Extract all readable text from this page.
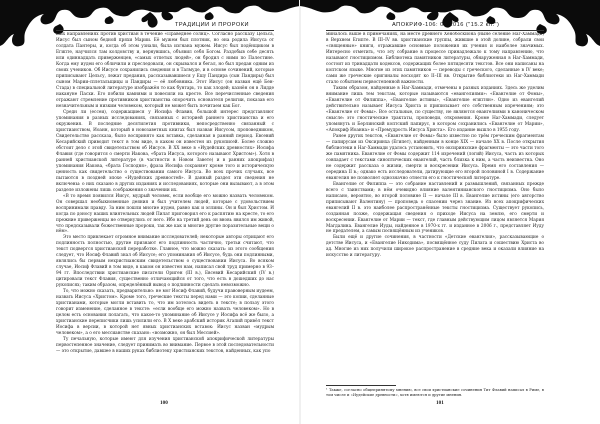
ТРАДИЦИИ И ПРОРОКИ

ших направлениях против христиан в течение «Праведнее солнц». Согласно рассказу Цельса, Иисус был сыном бедной пряхи Марии. Её мужем был плотник, но она родила Иисуса от солдата Пантеры, и, когда об этом узнали, была изгнана мужем. Иисус был подёнщиком в Египте, научился там колдовству и, вернувшись, объявил себя Богом. Раздобыв себе десять или одиннадцать приверженцев, «самых отпетых людей», он бродил с ними по Палестине. Когда ему иудеи его обличили и преследовали, он скрывался и бегал, но был предан одним из своих учеников. Об Иисусе сохранились сведения и в Талмуде, и в основе сочинений, которые приписывают Цельсу, лежат предания, рассказывавшиеся у Ешу Пандира (сын Пандиры) был сыном Марии-сплетальщицы и Пандиры — её любовника. Этот Иисус (он назван ещё Бен-Стада) в специальной литературе изображён то как бунтарь, то как злодей; казнён он в Лидде накануне Пасхи. Его побили камнями и повесили на кресте. Все перечисленные сведения отражают стремление противников христианства опорочить основателя религии, показав его незначительным и низким человеком, который не может быть почитаем как Бог.

Средн ли (ессеи), содержащиеся у Иосифа Флавия, большой интерес представляют упоминания в разных исследованиях, связанных с историей раннего христианства и его окружения. В последние десятилетия противники, непосредственно связанный с христианством, Иоанн, который в новозаветных книгах был назван Иисусом, проповедником, Свидетельство рассказа, было воспринято как вставка, сделанная в ранний период. Евсевий Кесарийский приводит текст в том виде, в каком он известен из рукописей. Более сложно обстоит дело с этой свидетельством об Иисусе. В XX веке в «Иудейских древностях» Иосифа Флавия (где говорится о смерти Иакова, «брата Иисуса, которого называют Христом»). Хотя в ранней христианской литературе (в частности в Новом Завете) и в ранних апокрифах) упоминания Иакова, «брата Господня», фраза Иосифа сохраняет кроме того и историческую ценность как свидетельство о существовании самого Иисуса. Во всех прочих случаях, все пытаются в поздней эпохе «Иудейских древностей». В данный раздел эти сведения не включены: о них сказано в других изданиях и исследованиях, которые они вызывают, а в этом разделе изложены лишь соображения о значении их.

«В то время появился Иисус, мудрый человек, если вообще его можно назвать человеком. Он совершал необыкновенные деяния и был учителем людей, которые с удовольствием воспринимали правду. За ним пошли многие иудеи, равно как и эллины. Он и был Христом. И когда по доносу наших влиятельных людей Пилат приговорил его к распятию на кресте, то его прежние приверженцы не отвернулись от него. Ибо на третий день он вновь явился им живой, что предсказывали божественные пророки, так же как и многие другие поразительные вещи о нём».

Это место привлекает огромное внимание исследователей; некоторые авторы отрицают его подлинность полностью, другие признают его подлинность частично, третьи считают, что текст подвергся христианской переработке. Главное, что можно сказать: из этого сообщения следует, что Иосиф Флавий знал об Иисусе; его упоминания об Иисусе, будь они подлинными, являлись бы первым нехристианским свидетельством о существовании Иисуса. Во всяком случае, Иосиф Флавий в том виде, в каком он известен нам, написал свой труд примерно в 93–94 гг. Впоследствии христианские писатели Ориген (III в.), Евсевий Кесарийский (IV в.) цитировали текст Флавия, существенно отличающийся от того, что есть в дошедших до нас рукописях; таким образом, определённый вывод о подлинности сделать невозможно.

То, что можно сказать, предварительно: не мог Иосиф Флавий, будучи правоверным иудеем, назвать Иисуса «Христом». Кроме того, греческие тексты перед нами — это копии, сделанные христианами, которые могли вставить то, что им хотелось видеть в тексте; в пользу этого говорит изменение, сделанное в тексте: «если вообще его можно назвать человеком». Но в целом есть основания полагать, что какое-то упоминание об Иисусе у Иосифа всё же было, а христианские переписчики лишь усилили его. В X веке арабский историк Агапий привёл текст Иосифа в версии, в которой нет явных христианских вставок: Иисус назван «мудрым человеком», а о его мессианстве сказано: «возможно, он был Мессией».

Ту печальную, которые имеют для изучения христианской апокрифической литературы первостепенное значение, следует принимать во внимание. Первое в этой последовательности — это открытие, давшее в наших руках библиотеку христианских текстов, найденных, как упо

100
АПОКРИФ-106: 08.2016 ("15.2 кл.")

миналось выше в примечаниях, на месте древнего Хенобоскиона (ныне селение Наг-Хаммади) в Верхнем Египте. В III–IV вв. христианские группы, жившие в этой долине, собрали свои «священные» книги, отражавшие основные положения их учения и наиболее значимых. Интересно отметить, что эту собрание в процессе принадлежало к тому направлению, что называют гностицизмом. Библиотека памятников литературы, обнаруженная в Наг-Хаммади, состоит из тринадцати кодексов, содержащих более пятидесяти текстов. Все они написаны на коптском языке. Многие из этих памятников — переводы с греческого, сделанные в IV веке; сами же греческие оригиналы восходят ко II–III вв. Открытие библиотеки из Наг-Хаммади стало событием первостепенной важности.

Таким образом, найденные в Наг-Хаммади, отмечены в разных изданиях. Здесь же уделим внимание лишь тем текстам, которые называются «евангелиями»: «Евангелие от Фомы», «Евангелие от Филиппа», «Евангелие истины», «Евангелие египтян». Одно из евангелий действительно называет Иисуса Христа и приписывает его собственным изречениям; это «Евангелие от Фомы». Все остальные, по существу, не являются евангелиями в каноническом смысле: это гностические трактаты, проповеди, откровения. Кроме Наг-Хаммади, следует упомянуть и Берлинский коптский папирус, в котором сохранились «Евангелие от Марии», «Апокриф Иоанна» и «Премудрость Иисуса Христа». Его издание вышло в 1955 году.

Ранее других текстов, «Евангелие от Фомы» было известно по трём греческим фрагментам — папирусам из Оксиринха (Египет), найденным в конце XIX — начале XX в. После открытия библиотеки в Наг-Хаммади удалось установить, что оксиринхские фрагменты — это части того же памятника. Евангелие от Фомы содержит 114 изречений (логий) Иисуса, часть из которых совпадает с текстами синоптических евангелий, часть близка к ним, а часть неизвестна. Оно не содержит рассказа о жизни, смерти и воскресении Иисуса. Время его составления — середина II в.; однако есть исследователи, датирующие его второй половиной I в. Содержание евангелия не позволяет однозначно отнести его к гностической литературе.

Евангелие от Филиппа — это собрание наставлений и размышлений, связанных прежде всего с таинствами; в нём очевидно влияние валентинианского гностицизма. Оно было написано, вероятно, во второй половине II — начале III в. Евангелие истины (его авторство приписывают Валентину) — проповедь о спасении через знание. Из всех апокрифических евангелий II в. это наиболее распространённые тексты гностицизма. Существует рукопись, созданная позже, содержащая сведения о приходе Иисуса на землю, его смерти и воскресении. Евангелие от Марии — текст, где главным действующим лицом является Мария Магдалина. Евангелие Иуды, найденное в 1970-х гг. и изданное в 2006 г., представляет Иуду не предателем, а самым посвящённым из учеников.

Были ещё и другие сочинения, в частности «Детские евангелия», рассказывающие о детстве Иисуса, и «Евангелие Никодима», посвящённое суду Пилата и сошествию Христа во ад. Многие из них получили широкое распространение в средние века и оказали влияние на искусство и литературу.

¹ Также, согласно общепринятому мнению, все свои христианские сочинения Тит Флавий написал в Риме, в том числе и «Иудейские древности», хотя имеются и другие мнения.
101
